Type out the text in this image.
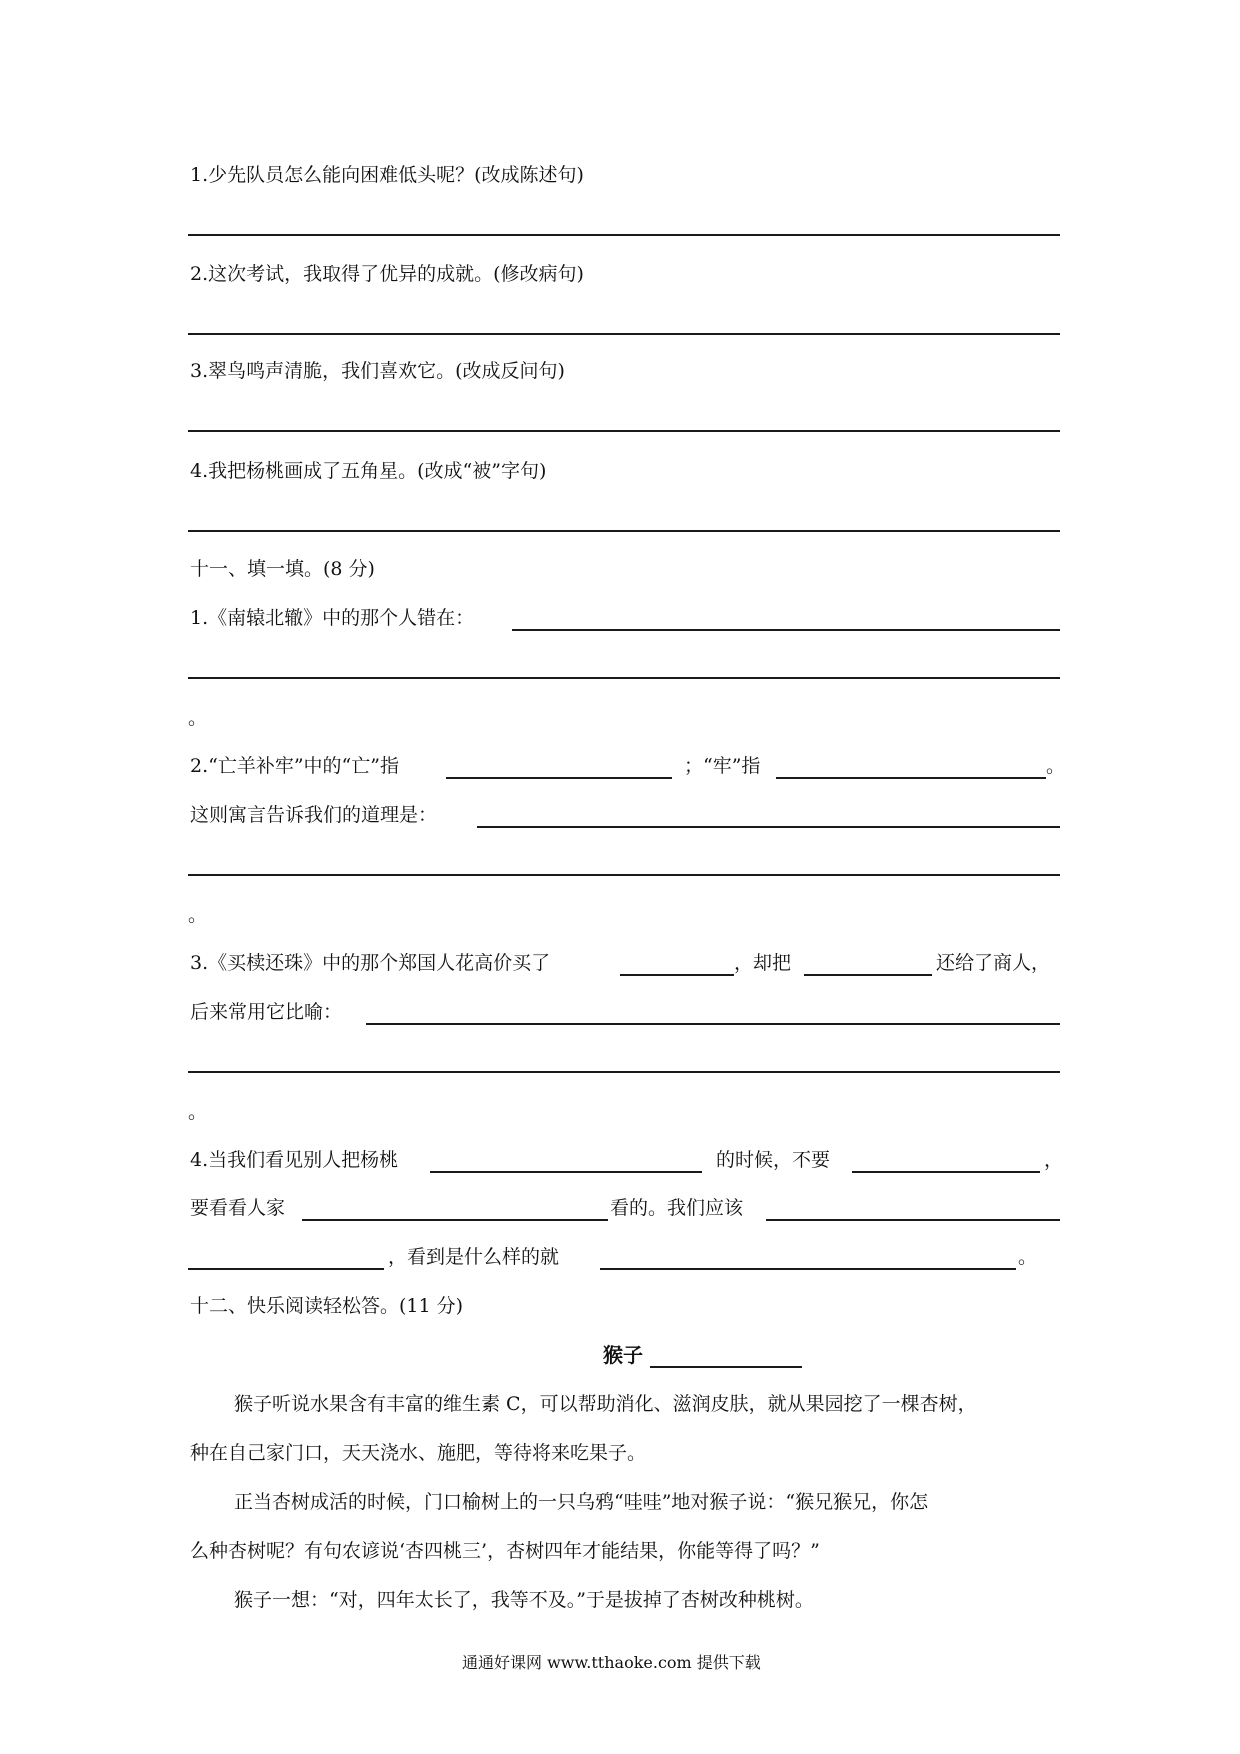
1.少先队员怎么能向困难低头呢？(改成陈述句)
2.这次考试，我取得了优异的成就。(修改病句)
3.翠鸟鸣声清脆，我们喜欢它。(改成反问句)
4.我把杨桃画成了五角星。(改成“被”字句)
十一、填一填。(8 分)
1.《南辕北辙》中的那个人错在：
。
2.“亡羊补牢”中的“亡”指	；“牢”指	。
这则寓言告诉我们的道理是：
。
3.《买椟还珠》中的那个郑国人花高价买了	，却把	还给了商人，
后来常用它比喻：
。
4.当我们看见别人把杨桃	的时候，不要	，
要看看人家	看的。我们应该
，看到是什么样的就	。
十二、快乐阅读轻松答。(11 分)
猴子
猴子听说水果含有丰富的维生素 C，可以帮助消化、滋润皮肤，就从果园挖了一棵杏树，
种在自己家门口，天天浇水、施肥，等待将来吃果子。
正当杏树成活的时候，门口榆树上的一只乌鸦“哇哇”地对猴子说：“猴兄猴兄，你怎
么种杏树呢？有句农谚说‘杏四桃三’，杏树四年才能结果，你能等得了吗？”
猴子一想：“对，四年太长了，我等不及。”于是拔掉了杏树改种桃树。
通通好课网 www.tthaoke.com 提供下载
